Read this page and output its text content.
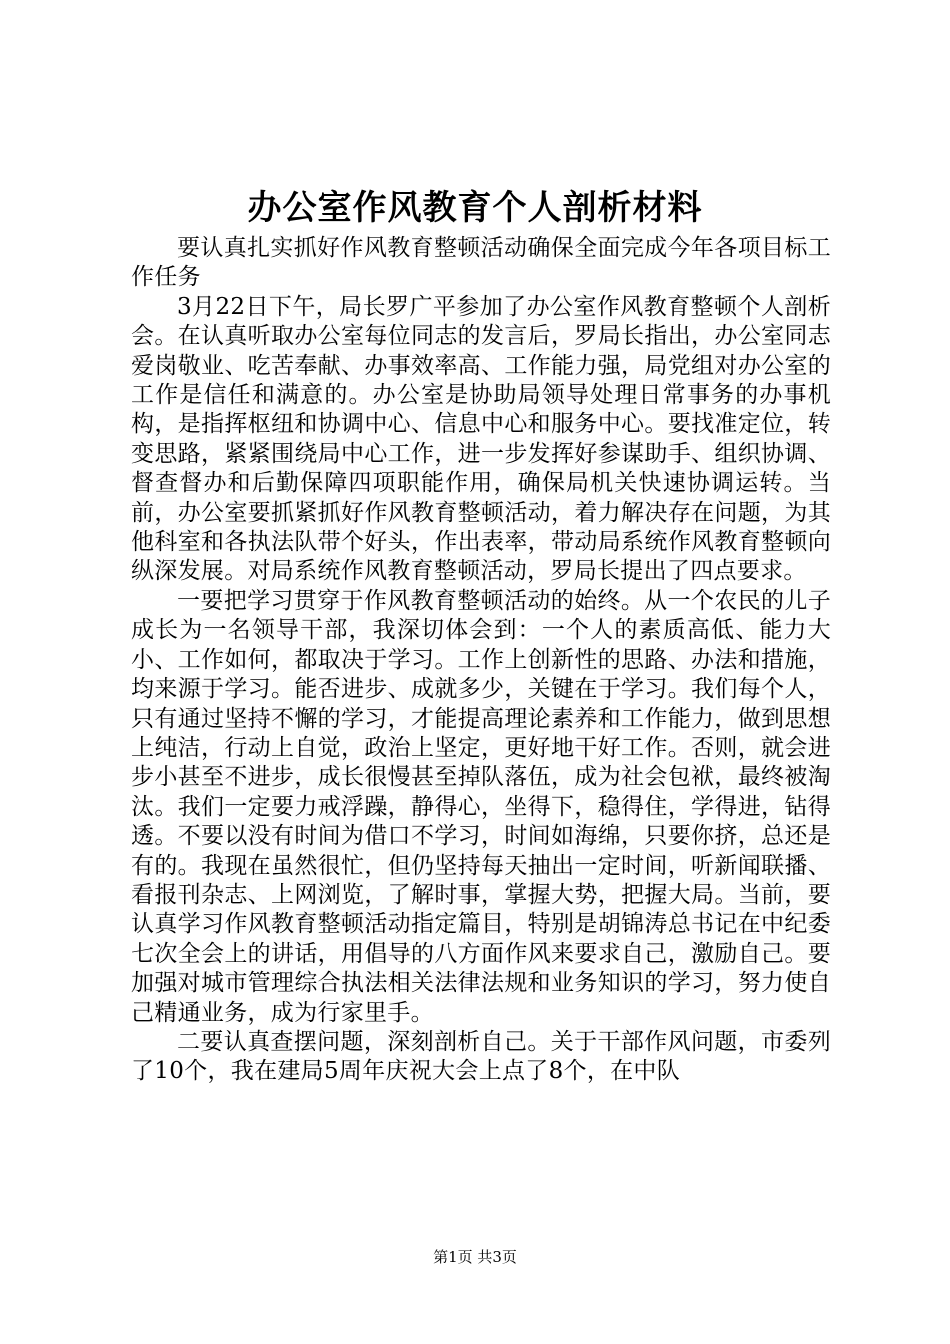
办公室作风教育个人剖析材料

要认真扎实抓好作风教育整顿活动确保全面完成今年各项目标工作任务

3月22日下午，局长罗广平参加了办公室作风教育整顿个人剖析会。在认真听取办公室每位同志的发言后，罗局长指出，办公室同志爱岗敬业、吃苦奉献、办事效率高、工作能力强，局党组对办公室的工作是信任和满意的。办公室是协助局领导处理日常事务的办事机构，是指挥枢纽和协调中心、信息中心和服务中心。要找准定位，转变思路，紧紧围绕局中心工作，进一步发挥好参谋助手、组织协调、督查督办和后勤保障四项职能作用，确保局机关快速协调运转。当前，办公室要抓紧抓好作风教育整顿活动，着力解决存在问题，为其他科室和各执法队带个好头，作出表率，带动局系统作风教育整顿向纵深发展。对局系统作风教育整顿活动，罗局长提出了四点要求。

一要把学习贯穿于作风教育整顿活动的始终。从一个农民的儿子成长为一名领导干部，我深切体会到：一个人的素质高低、能力大小、工作如何，都取决于学习。工作上创新性的思路、办法和措施，均来源于学习。能否进步、成就多少，关键在于学习。我们每个人，只有通过坚持不懈的学习，才能提高理论素养和工作能力，做到思想上纯洁，行动上自觉，政治上坚定，更好地干好工作。否则，就会进步小甚至不进步，成长很慢甚至掉队落伍，成为社会包袱，最终被淘汰。我们一定要力戒浮躁，静得心，坐得下，稳得住，学得进，钻得透。不要以没有时间为借口不学习，时间如海绵，只要你挤，总还是有的。我现在虽然很忙，但仍坚持每天抽出一定时间，听新闻联播、看报刊杂志、上网浏览，了解时事，掌握大势，把握大局。当前，要认真学习作风教育整顿活动指定篇目，特别是胡锦涛总书记在中纪委七次全会上的讲话，用倡导的八方面作风来要求自己，激励自己。要加强对城市管理综合执法相关法律法规和业务知识的学习，努力使自己精通业务，成为行家里手。

二要认真查摆问题，深刻剖析自己。关于干部作风问题，市委列了10个，我在建局5周年庆祝大会上点了8个，在中队

第1页 共3页
